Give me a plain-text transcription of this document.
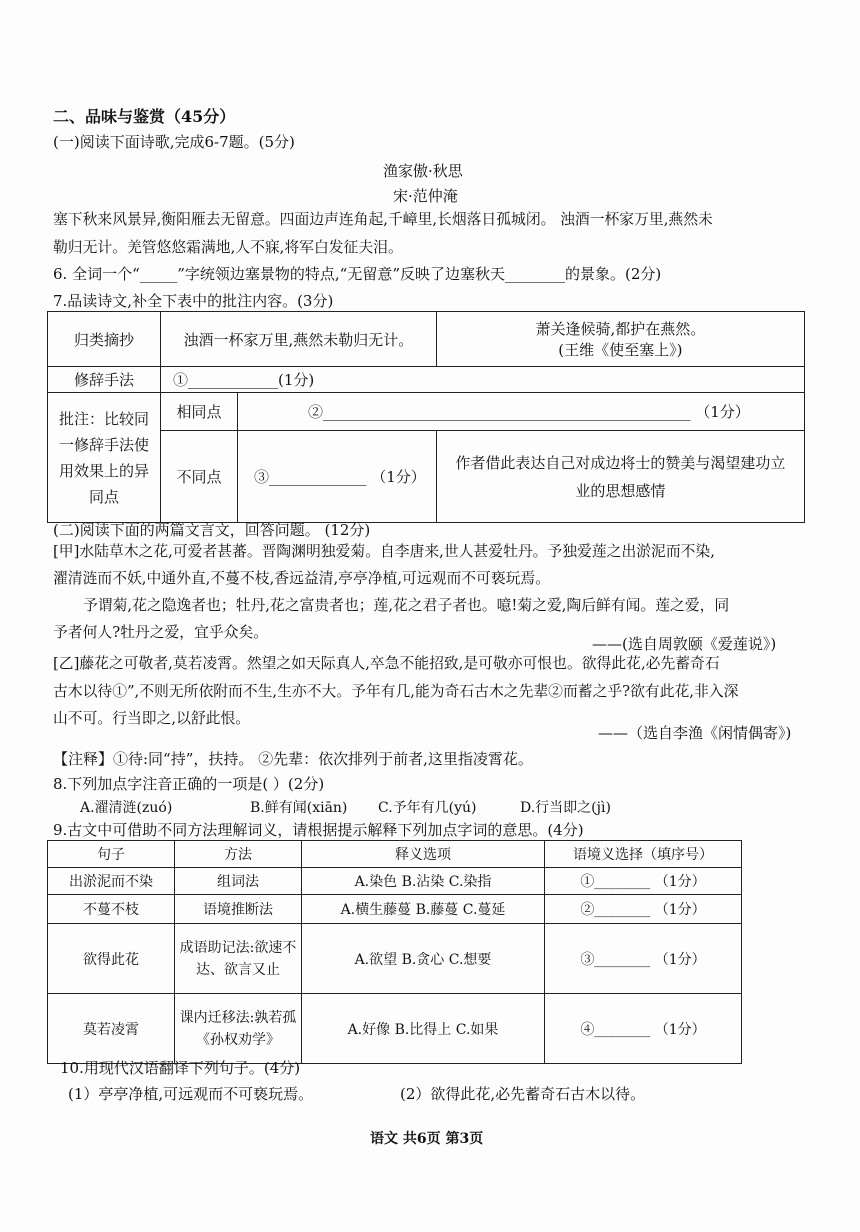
二、品味与鉴赏（45分）
(一)阅读下面诗歌,完成6-7题。(5分)
渔家傲·秋思
宋·范仲淹
塞下秋来风景异,衡阳雁去无留意。四面边声连角起,千嶂里,长烟落日孤城闭。 浊酒一杯家万里,燕然未
勒归无计。羌管悠悠霜满地,人不寐,将军白发征夫泪。
6. 全词一个“_____”字统领边塞景物的特点,“无留意”反映了边塞秋天________的景象。(2分)
7.品读诗文,补全下表中的批注内容。(3分)
归类摘抄	浊酒一杯家万里,燕然未勒归无计。		萧关逢候骑,都护在燕然。
(王维《使至塞上》)

修辞手法	①____________(1分)		
批注：比较同一修辞手法使用效果上的异同点	相同点	②_________________________________________________ （1分）	
	不同点	③_____________ （1分）	作者借此表达自己对成边将士的赞美与渴望建功立业的思想感情
(二)阅读下面的两篇文言文，回答问题。 (12分)
[甲]水陆草木之花,可爱者甚蕃。晋陶渊明独爱菊。自李唐来,世人甚爱牡丹。予独爱莲之出淤泥而不染,
濯清涟而不妖,中通外直,不蔓不枝,香远益清,亭亭净植,可远观而不可亵玩焉。
予谓菊,花之隐逸者也；牡丹,花之富贵者也；莲,花之君子者也。噫!菊之爱,陶后鲜有闻。莲之爱，同
予者何人?牡丹之爱，宜乎众矣。
——(选自周敦颐《爱莲说》)
[乙]藤花之可敬者,莫若凌霄。然望之如天际真人,卒急不能招致,是可敬亦可恨也。欲得此花,必先蓄奇石
古木以待①”,不则无所依附而不生,生亦不大。予年有几,能为奇石古木之先辈②而蓄之乎?欲有此花,非入深
山不可。行当即之,以舒此恨。
——（选自李渔《闲情偶寄》)
【注释】①待:同“持”，扶持。 ②先辈：依次排列于前者,这里指凌霄花。
8.下列加点字注音正确的一项是( ）(2分)
A.濯清涟(zuó)	B.鲜有闻(xiān) C.予年有几(yú)	D.行当即之(jì)
9.古文中可借助不同方法理解词义，请根据提示解释下列加点字词的意思。(4分)
句子	方法	释义选项	语境义选择（填序号）
出淤泥而不染	组词法	A.染色 B.沾染 C.染指	①________ （1分）
不蔓不枝	语境推断法	A.横生藤蔓 B.藤蔓 C.蔓延	②________ （1分）
欲得此花	成语助记法:欲速不达、欲言又止	A.欲望 B.贪心 C.想要	③________ （1分）
莫若凌霄	课内迁移法:孰若孤《孙权劝学》	A.好像 B.比得上 C.如果	④________ （1分）
10.用现代汉语翻译下列句子。(4分)
(1）亭亭净植,可远观而不可亵玩焉。	(2）欲得此花,必先蓄奇石古木以待。
语文 共6页 第3页
